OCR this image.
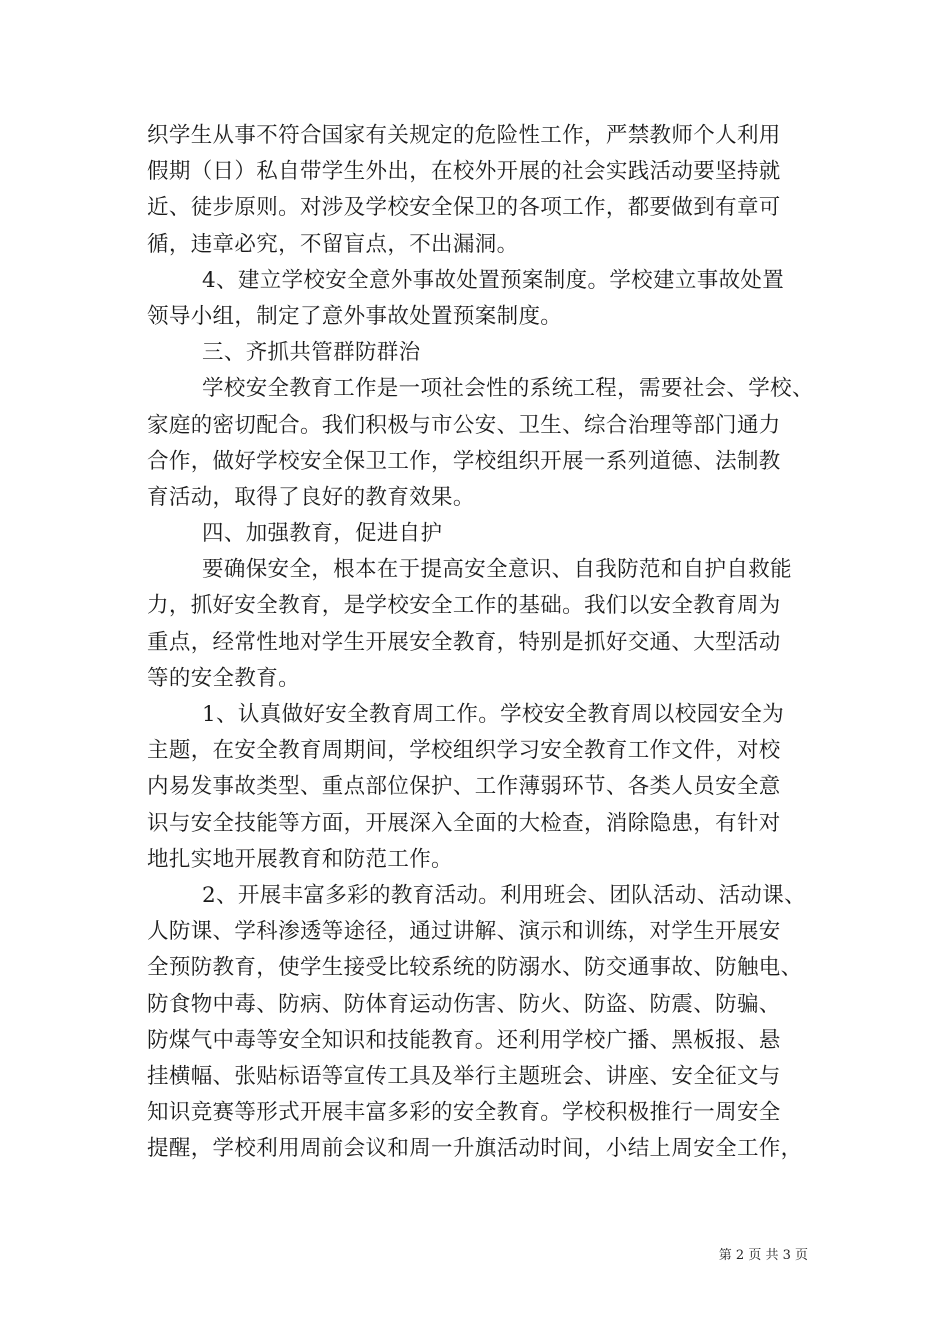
织学生从事不符合国家有关规定的危险性工作，严禁教师个人利用
假期（日）私自带学生外出，在校外开展的社会实践活动要坚持就
近、徒步原则。对涉及学校安全保卫的各项工作，都要做到有章可
循，违章必究，不留盲点，不出漏洞。
4、建立学校安全意外事故处置预案制度。学校建立事故处置
领导小组，制定了意外事故处置预案制度。
三、齐抓共管群防群治
学校安全教育工作是一项社会性的系统工程，需要社会、学校、
家庭的密切配合。我们积极与市公安、卫生、综合治理等部门通力
合作，做好学校安全保卫工作，学校组织开展一系列道德、法制教
育活动，取得了良好的教育效果。
四、加强教育，促进自护
要确保安全，根本在于提高安全意识、自我防范和自护自救能
力，抓好安全教育，是学校安全工作的基础。我们以安全教育周为
重点，经常性地对学生开展安全教育，特别是抓好交通、大型活动
等的安全教育。
1、认真做好安全教育周工作。学校安全教育周以校园安全为
主题，在安全教育周期间，学校组织学习安全教育工作文件，对校
内易发事故类型、重点部位保护、工作薄弱环节、各类人员安全意
识与安全技能等方面，开展深入全面的大检查，消除隐患，有针对
地扎实地开展教育和防范工作。
2、开展丰富多彩的教育活动。利用班会、团队活动、活动课、
人防课、学科渗透等途径，通过讲解、演示和训练，对学生开展安
全预防教育，使学生接受比较系统的防溺水、防交通事故、防触电、
防食物中毒、防病、防体育运动伤害、防火、防盗、防震、防骗、
防煤气中毒等安全知识和技能教育。还利用学校广播、黑板报、悬
挂横幅、张贴标语等宣传工具及举行主题班会、讲座、安全征文与
知识竞赛等形式开展丰富多彩的安全教育。学校积极推行一周安全
提醒，学校利用周前会议和周一升旗活动时间，小结上周安全工作，
第 2 页 共 3 页
